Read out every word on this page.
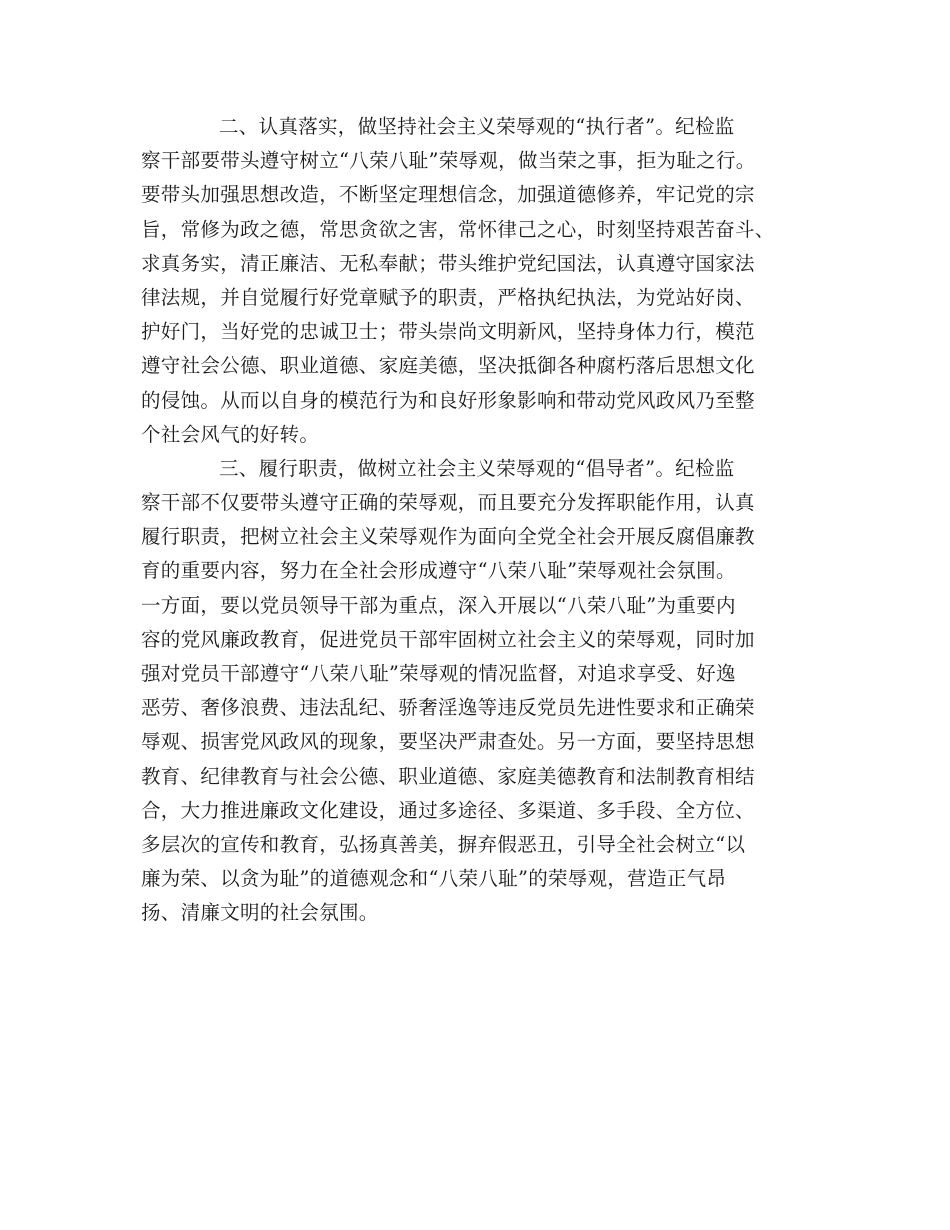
二、认真落实，做坚持社会主义荣辱观的“执行者”。纪检监
察干部要带头遵守树立“八荣八耻”荣辱观，做当荣之事，拒为耻之行。
要带头加强思想改造，不断坚定理想信念，加强道德修养，牢记党的宗
旨，常修为政之德，常思贪欲之害，常怀律己之心，时刻坚持艰苦奋斗、
求真务实，清正廉洁、无私奉献；带头维护党纪国法，认真遵守国家法
律法规，并自觉履行好党章赋予的职责，严格执纪执法，为党站好岗、
护好门，当好党的忠诚卫士；带头崇尚文明新风，坚持身体力行，模范
遵守社会公德、职业道德、家庭美德，坚决抵御各种腐朽落后思想文化
的侵蚀。从而以自身的模范行为和良好形象影响和带动党风政风乃至整
个社会风气的好转。
三、履行职责，做树立社会主义荣辱观的“倡导者”。纪检监
察干部不仅要带头遵守正确的荣辱观，而且要充分发挥职能作用，认真
履行职责，把树立社会主义荣辱观作为面向全党全社会开展反腐倡廉教
育的重要内容，努力在全社会形成遵守“八荣八耻”荣辱观社会氛围。
一方面，要以党员领导干部为重点，深入开展以“八荣八耻”为重要内
容的党风廉政教育，促进党员干部牢固树立社会主义的荣辱观，同时加
强对党员干部遵守“八荣八耻”荣辱观的情况监督，对追求享受、好逸
恶劳、奢侈浪费、违法乱纪、骄奢淫逸等违反党员先进性要求和正确荣
辱观、损害党风政风的现象，要坚决严肃查处。另一方面，要坚持思想
教育、纪律教育与社会公德、职业道德、家庭美德教育和法制教育相结
合，大力推进廉政文化建设，通过多途径、多渠道、多手段、全方位、
多层次的宣传和教育，弘扬真善美，摒弃假恶丑，引导全社会树立“以
廉为荣、以贪为耻”的道德观念和“八荣八耻”的荣辱观，营造正气昂
扬、清廉文明的社会氛围。
